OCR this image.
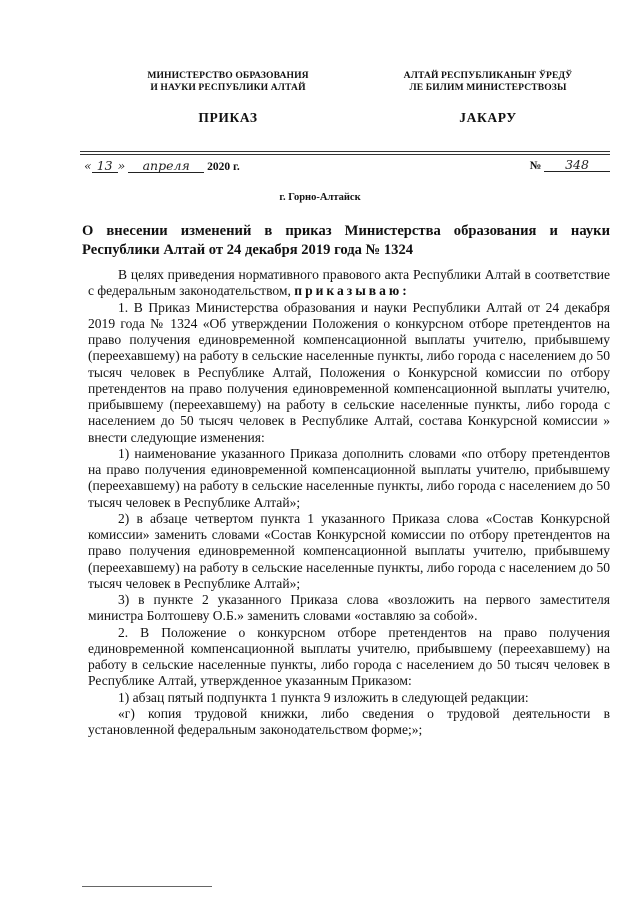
МИНИСТЕРСТВО ОБРАЗОВАНИЯ
И НАУКИ РЕСПУБЛИКИ АЛТАЙ
АЛТАЙ РЕСПУБЛИКАНЫҤ ЎРЕДЎ
ЛЕ БИЛИМ МИНИСТЕРСТВОЗЫ
ПРИКАЗ	JАКАРУ
« 13 » апреля 2020 г.	№ 348
г. Горно-Алтайск
О внесении изменений в приказ Министерства образования и науки Республики Алтай от 24 декабря 2019 года № 1324

В целях приведения нормативного правового акта Республики Алтай в соответствие с федеральным законодательством, приказываю:

1. В Приказ Министерства образования и науки Республики Алтай от 24 декабря 2019 года № 1324 «Об утверждении Положения о конкурсном отборе претендентов на право получения единовременной компенсационной выплаты учителю, прибывшему (переехавшему) на работу в сельские населенные пункты, либо города с населением до 50 тысяч человек в Республике Алтай, Положения о Конкурсной комиссии по отбору претендентов на право получения единовременной компенсационной выплаты учителю, прибывшему (переехавшему) на работу в сельские населенные пункты, либо города с населением до 50 тысяч человек в Республике Алтай, состава Конкурсной комиссии » внести следующие изменения:

1) наименование указанного Приказа дополнить словами «по отбору претендентов на право получения единовременной компенсационной выплаты учителю, прибывшему (переехавшему) на работу в сельские населенные пункты, либо города с населением до 50 тысяч человек в Республике Алтай»;

2) в абзаце четвертом пункта 1 указанного Приказа слова «Состав Конкурсной комиссии» заменить словами «Состав Конкурсной комиссии по отбору претендентов на право получения единовременной компенсационной выплаты учителю, прибывшему (переехавшему) на работу в сельские населенные пункты, либо города с населением до 50 тысяч человек в Республике Алтай»;

3) в пункте 2 указанного Приказа слова «возложить на первого заместителя министра Болтошеву О.Б.» заменить словами «оставляю за собой».

2. В Положение о конкурсном отборе претендентов на право получения единовременной компенсационной выплаты учителю, прибывшему (переехавшему) на работу в сельские населенные пункты, либо города с населением до 50 тысяч человек в Республике Алтай, утвержденное указанным Приказом:

1) абзац пятый подпункта 1 пункта 9 изложить в следующей редакции:

«г) копия трудовой книжки, либо сведения о трудовой деятельности в установленной федеральным законодательством форме;»;
